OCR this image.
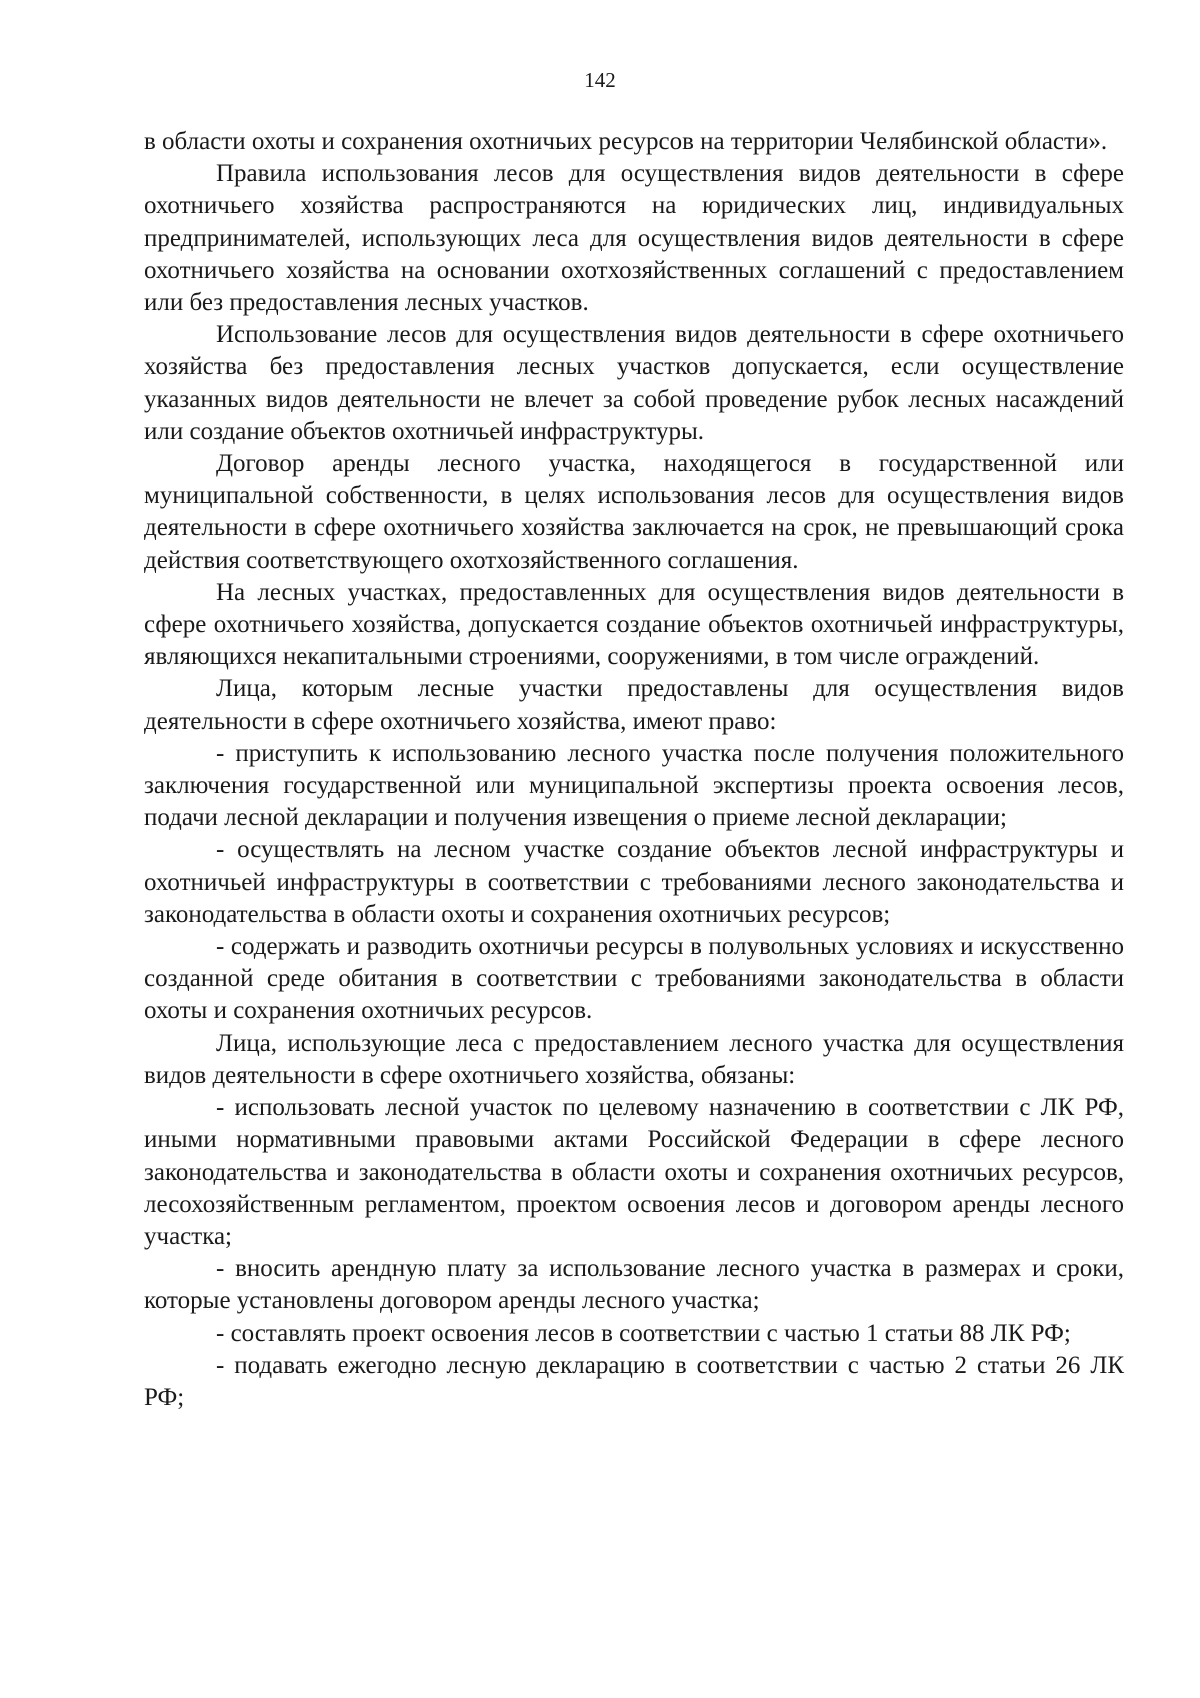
142

в области охоты и сохранения охотничьих ресурсов на территории Челябинской области».

Правила использования лесов для осуществления видов деятельности в сфере охотничьего хозяйства распространяются на юридических лиц, индивидуальных предпринимателей, использующих леса для осуществления видов деятельности в сфере охотничьего хозяйства на основании охотхозяйственных соглашений с предоставлением или без предоставления лесных участков.

Использование лесов для осуществления видов деятельности в сфере охотничьего хозяйства без предоставления лесных участков допускается, если осуществление указанных видов деятельности не влечет за собой проведение рубок лесных насаждений или создание объектов охотничьей инфраструктуры.

Договор аренды лесного участка, находящегося в государственной или муниципальной собственности, в целях использования лесов для осуществления видов деятельности в сфере охотничьего хозяйства заключается на срок, не превышающий срока действия соответствующего охотхозяйственного соглашения.

На лесных участках, предоставленных для осуществления видов деятельности в сфере охотничьего хозяйства, допускается создание объектов охотничьей инфраструктуры, являющихся некапитальными строениями, сооружениями, в том числе ограждений.

Лица, которым лесные участки предоставлены для осуществления видов деятельности в сфере охотничьего хозяйства, имеют право:

- приступить к использованию лесного участка после получения положительного заключения государственной или муниципальной экспертизы проекта освоения лесов, подачи лесной декларации и получения извещения о приеме лесной декларации;

- осуществлять на лесном участке создание объектов лесной инфраструктуры и охотничьей инфраструктуры в соответствии с требованиями лесного законодательства и законодательства в области охоты и сохранения охотничьих ресурсов;

- содержать и разводить охотничьи ресурсы в полувольных условиях и искусственно созданной среде обитания в соответствии с требованиями законодательства в области охоты и сохранения охотничьих ресурсов.

Лица, использующие леса с предоставлением лесного участка для осуществления видов деятельности в сфере охотничьего хозяйства, обязаны:

- использовать лесной участок по целевому назначению в соответствии с ЛК РФ, иными нормативными правовыми актами Российской Федерации в сфере лесного законодательства и законодательства в области охоты и сохранения охотничьих ресурсов, лесохозяйственным регламентом, проектом освоения лесов и договором аренды лесного участка;

- вносить арендную плату за использование лесного участка в размерах и сроки, которые установлены договором аренды лесного участка;

- составлять проект освоения лесов в соответствии с частью 1 статьи 88 ЛК РФ;

- подавать ежегодно лесную декларацию в соответствии с частью 2 статьи 26 ЛК РФ;
